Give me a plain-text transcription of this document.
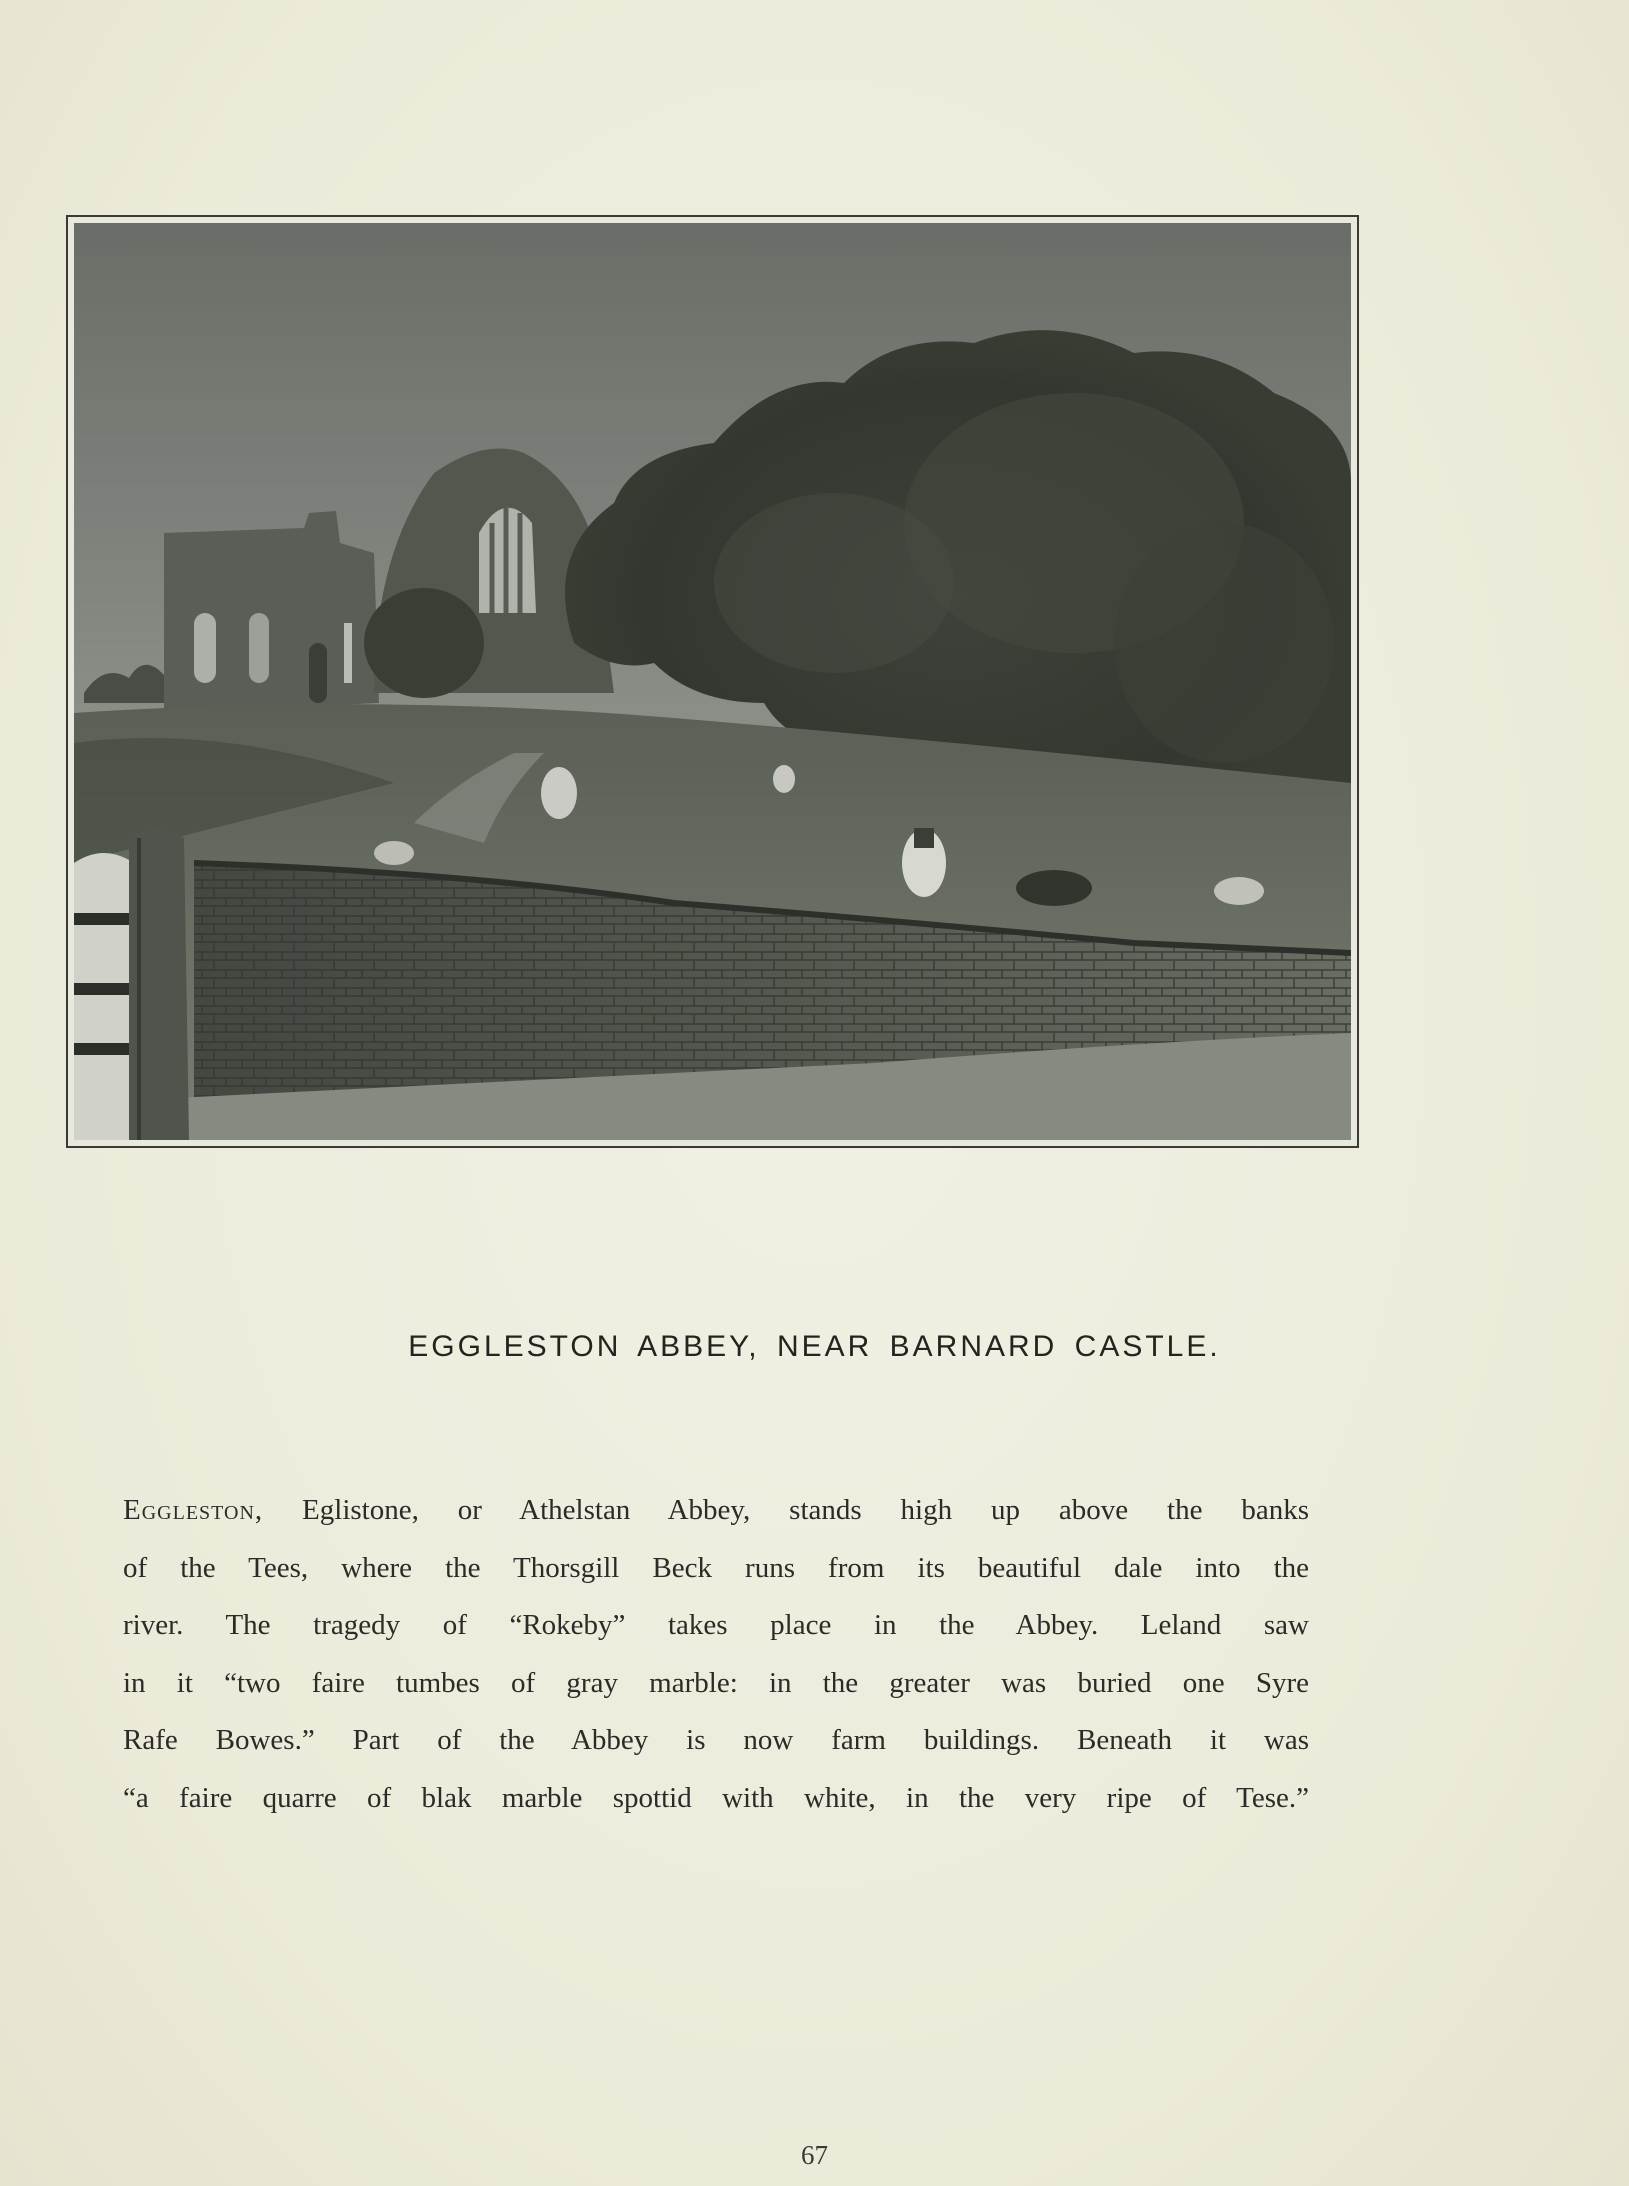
EGGLESTON ABBEY, NEAR BARNARD CASTLE.
Eggleston, Eglistone, or Athelstan Abbey, stands high up above the banks
of the Tees, where the Thorsgill Beck runs from its beautiful dale into the
river. The tragedy of “Rokeby” takes place in the Abbey. Leland saw
in it “two faire tumbes of gray marble: in the greater was buried one Syre
Rafe Bowes.” Part of the Abbey is now farm buildings. Beneath it was
“a faire quarre of blak marble spottid with white, in the very ripe of Tese.”
67
